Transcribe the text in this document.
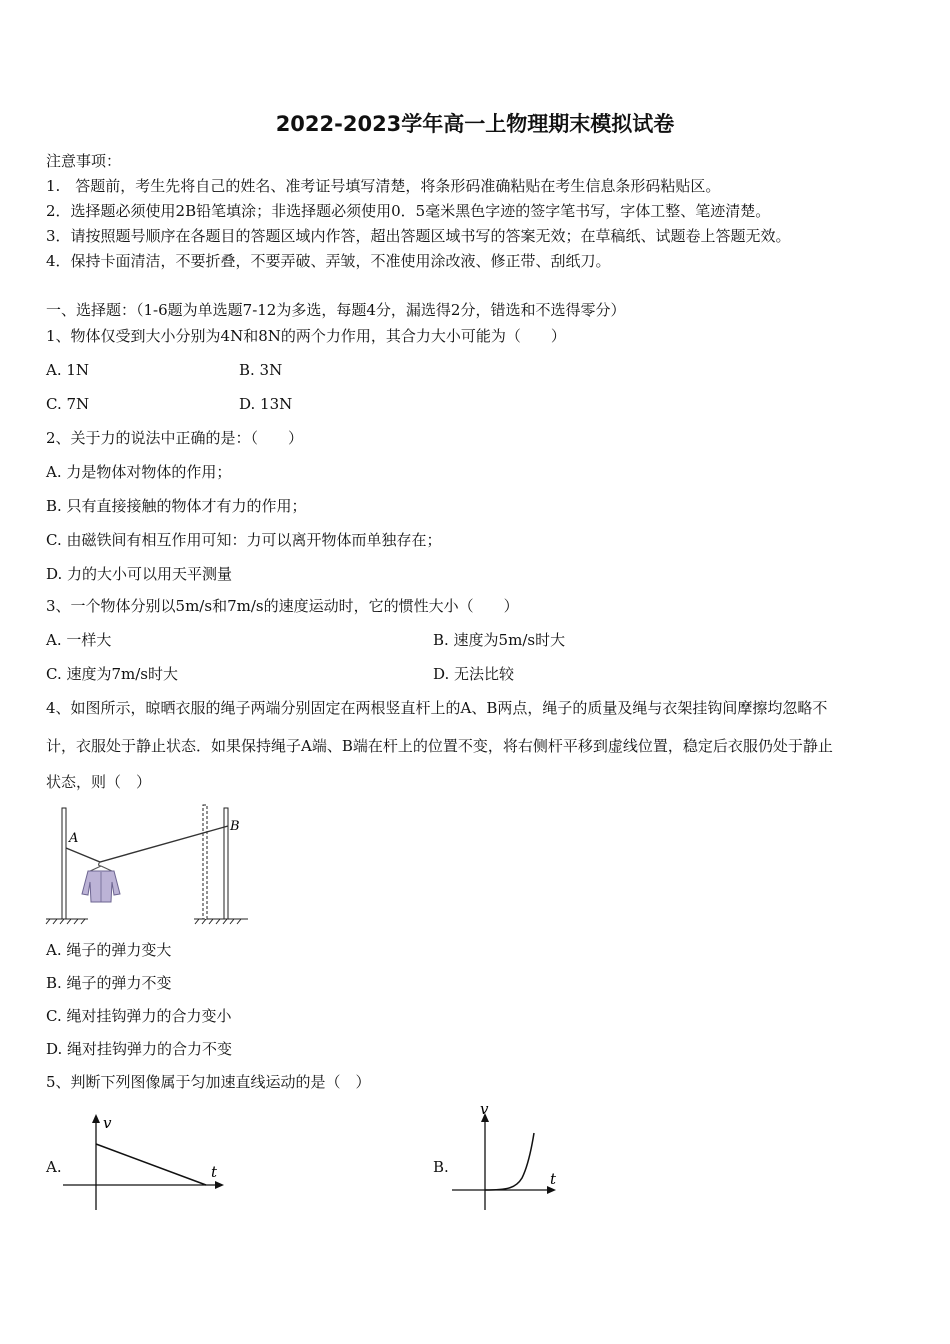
2022-2023学年高一上物理期末模拟试卷
注意事项：
1.　答题前，考生先将自己的姓名、准考证号填写清楚，将条形码准确粘贴在考生信息条形码粘贴区。
2．选择题必须使用2B铅笔填涂；非选择题必须使用0．5毫米黑色字迹的签字笔书写，字体工整、笔迹清楚。
3．请按照题号顺序在各题目的答题区域内作答，超出答题区域书写的答案无效；在草稿纸、试题卷上答题无效。
4．保持卡面清洁，不要折叠，不要弄破、弄皱，不准使用涂改液、修正带、刮纸刀。
一、选择题：（1-6题为单选题7-12为多选，每题4分，漏选得2分，错选和不选得零分）
1、物体仅受到大小分别为4N和8N的两个力作用，其合力大小可能为（　　）
A. 1N	B. 3N
C. 7N	D. 13N
2、关于力的说法中正确的是：（　　）
A. 力是物体对物体的作用；
B. 只有直接接触的物体才有力的作用；
C. 由磁铁间有相互作用可知：力可以离开物体而单独存在；
D. 力的大小可以用天平测量
3、一个物体分别以5m/s和7m/s的速度运动时，它的惯性大小（　　）
A. 一样大	B. 速度为5m/s时大
C. 速度为7m/s时大	D. 无法比较
4、如图所示，晾晒衣服的绳子两端分别固定在两根竖直杆上的A、B两点，绳子的质量及绳与衣架挂钩间摩擦均忽略不
计，衣服处于静止状态．如果保持绳子A端、B端在杆上的位置不变，将右侧杆平移到虚线位置，稳定后衣服仍处于静止
状态，则（　）
A
B
A. 绳子的弹力变大
B. 绳子的弹力不变
C. 绳对挂钩弹力的合力变小
D. 绳对挂钩弹力的合力不变
5、判断下列图像属于匀加速直线运动的是（　）
A.
v
t	B.
v
t
